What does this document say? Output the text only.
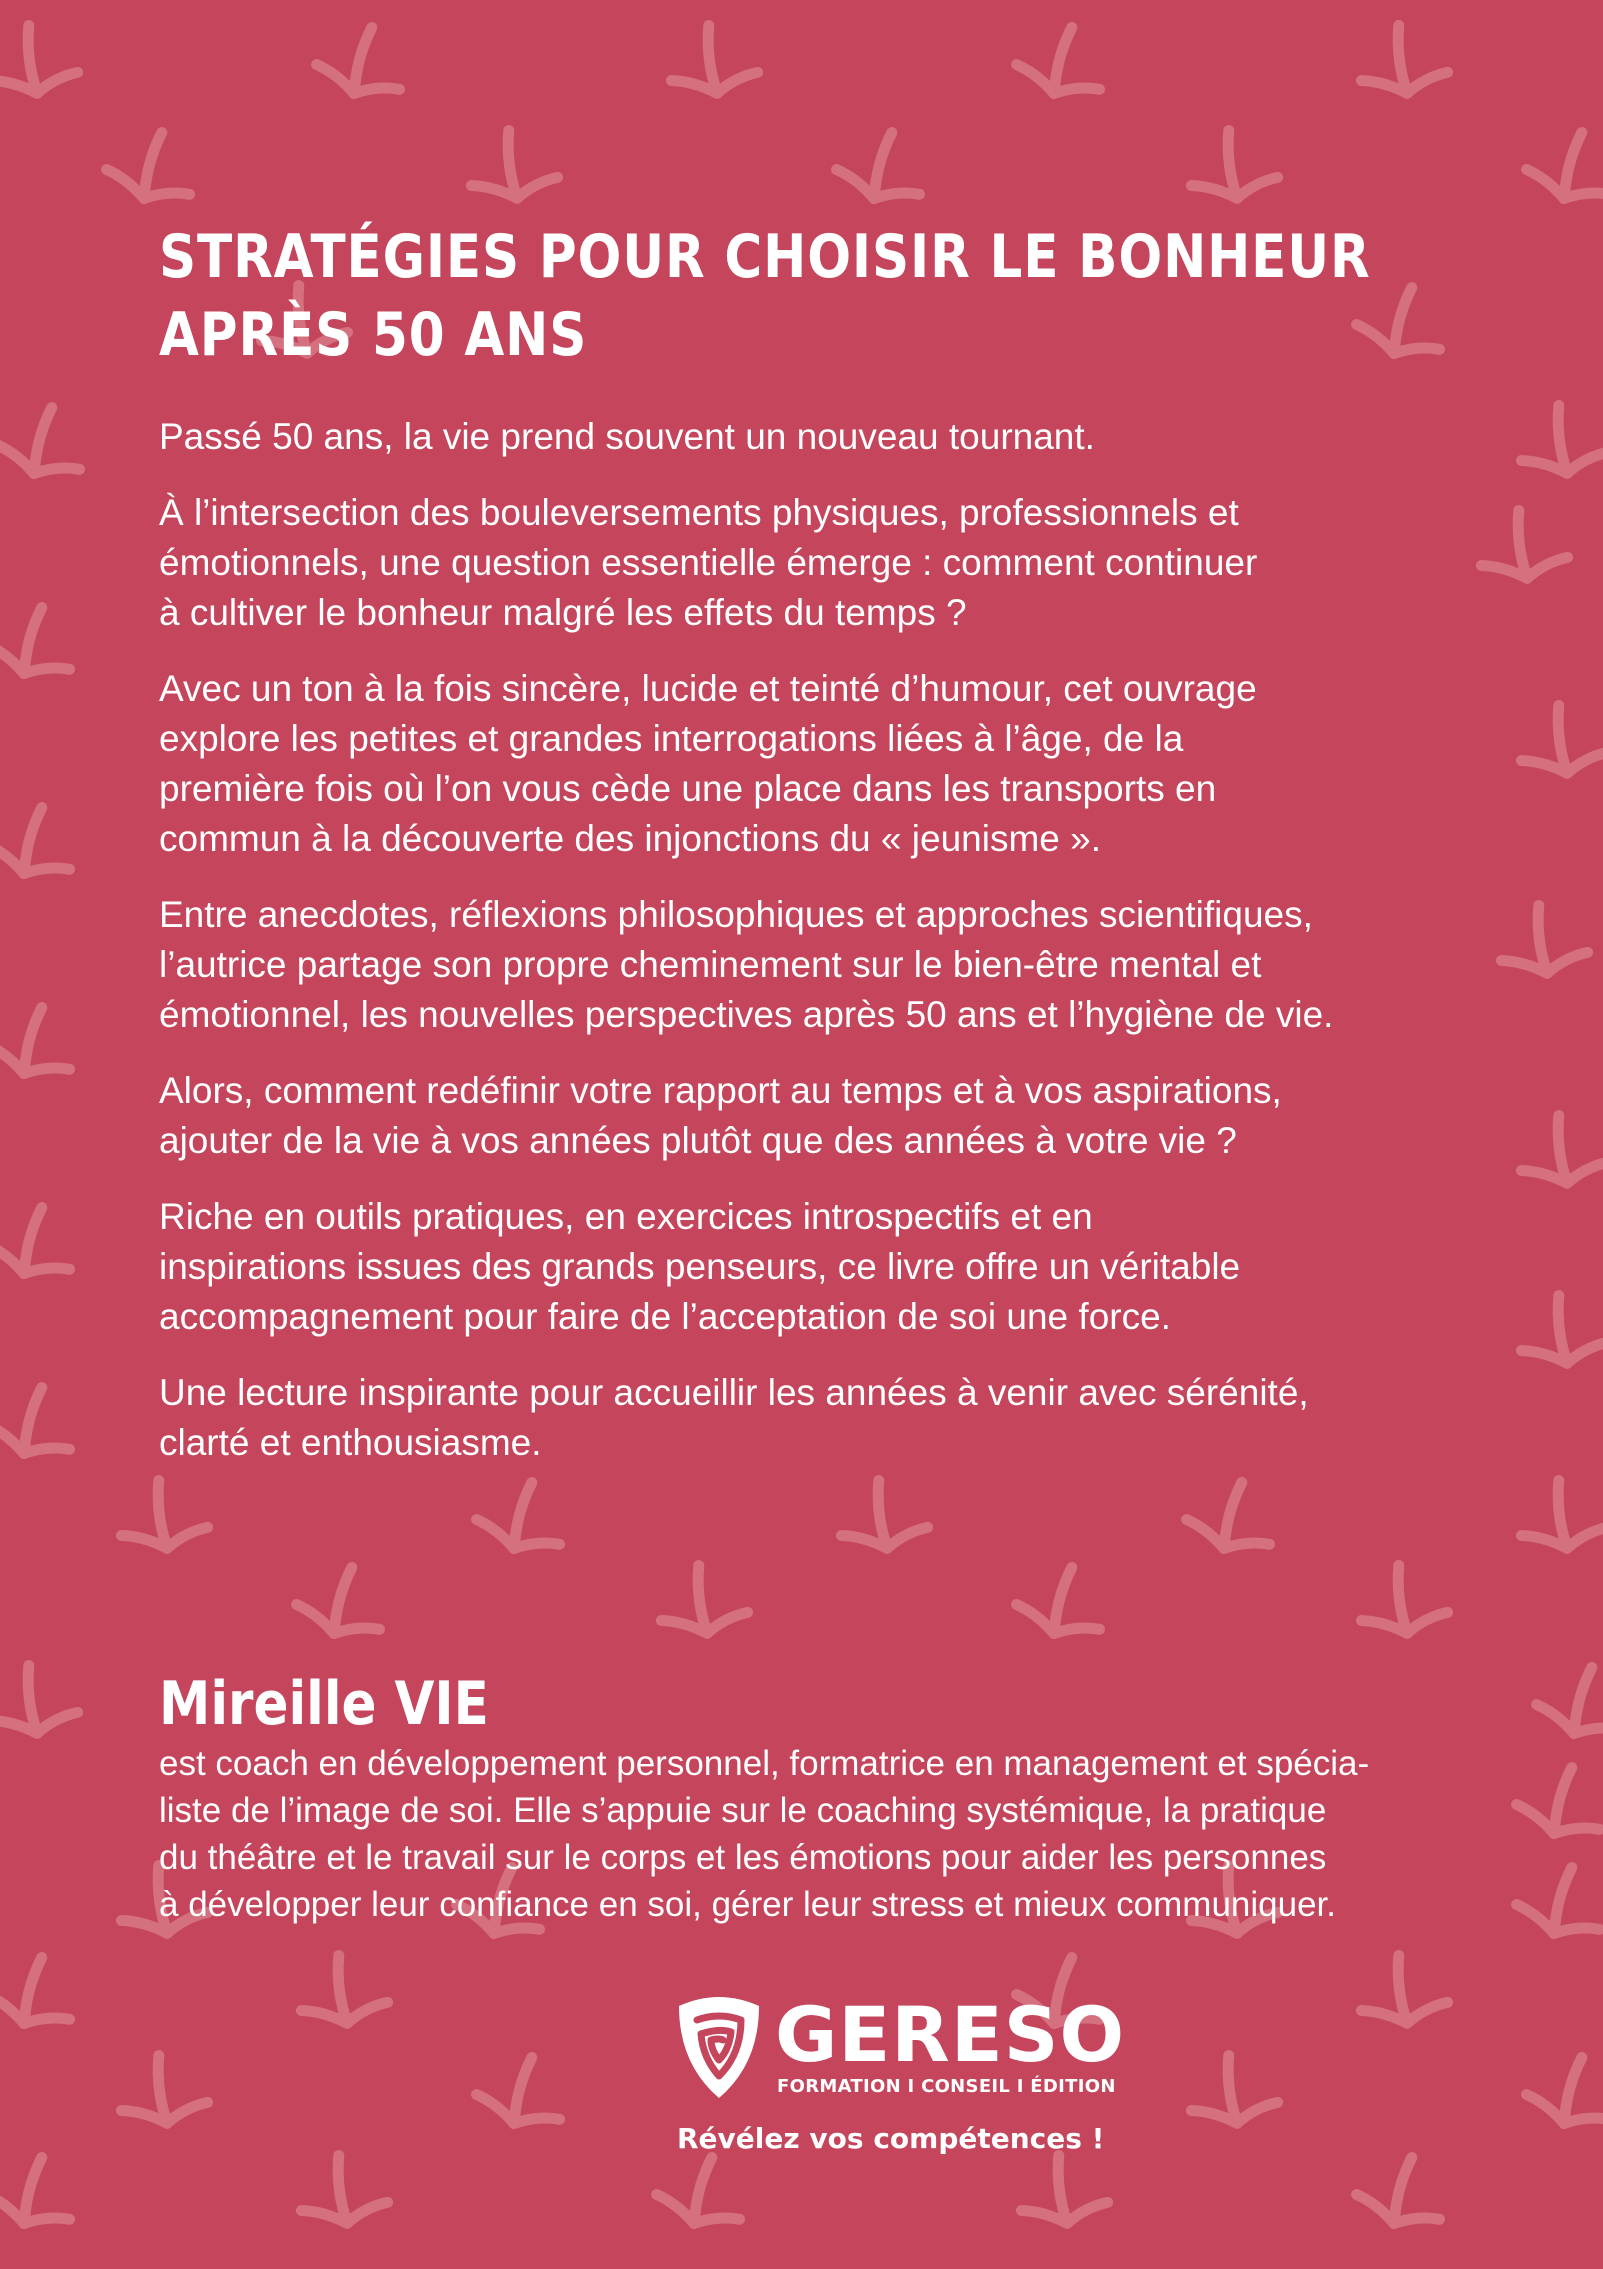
STRATÉGIES POUR CHOISIR LE BONHEUR
APRÈS 50 ANS

Passé 50 ans, la vie prend souvent un nouveau tournant.

À l’intersection des bouleversements physiques, professionnels et
émotionnels, une question essentielle émerge : comment continuer
à cultiver le bonheur malgré les effets du temps ?

Avec un ton à la fois sincère, lucide et teinté d’humour, cet ouvrage
explore les petites et grandes interrogations liées à l’âge, de la
première fois où l’on vous cède une place dans les transports en
commun à la découverte des injonctions du « jeunisme ».

Entre anecdotes, réflexions philosophiques et approches scientifiques,
l’autrice partage son propre cheminement sur le bien-être mental et
émotionnel, les nouvelles perspectives après 50 ans et l’hygiène de vie.

Alors, comment redéfinir votre rapport au temps et à vos aspirations,
ajouter de la vie à vos années plutôt que des années à votre vie ?

Riche en outils pratiques, en exercices introspectifs et en
inspirations issues des grands penseurs, ce livre offre un véritable
accompagnement pour faire de l’acceptation de soi une force.

Une lecture inspirante pour accueillir les années à venir avec sérénité,
clarté et enthousiasme.

Mireille VIE

est coach en développement personnel, formatrice en management et spécia-
liste de l’image de soi. Elle s’appuie sur le coaching systémique, la pratique
du théâtre et le travail sur le corps et les émotions pour aider les personnes
à développer leur confiance en soi, gérer leur stress et mieux communiquer.

GERESO
FORMATION I CONSEIL I ÉDITION
Révélez vos compétences !
